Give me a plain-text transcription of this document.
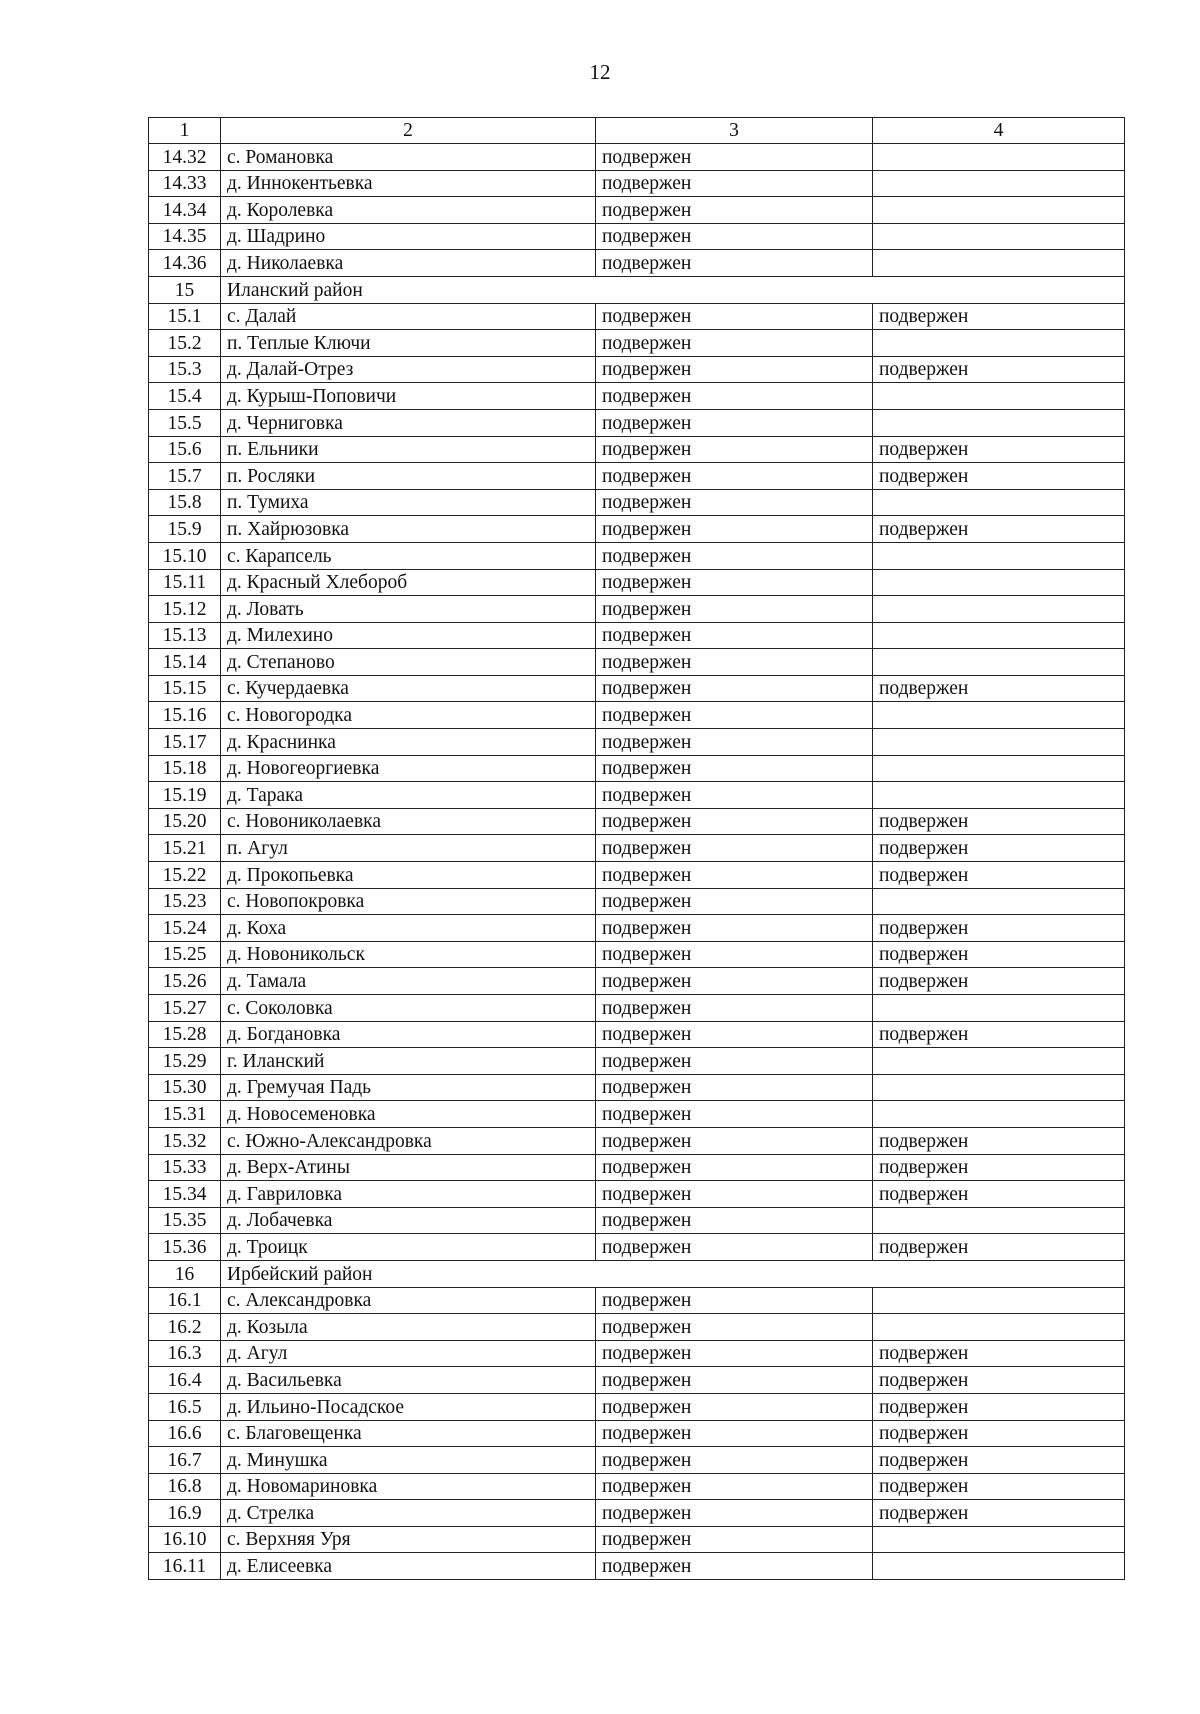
12
1	2	3	4
14.32	с. Романовка	подвержен	
14.33	д. Иннокентьевка	подвержен	
14.34	д. Королевка	подвержен	
14.35	д. Шадрино	подвержен	
14.36	д. Николаевка	подвержен	
15	Иланский район		
15.1	с. Далай	подвержен	подвержен
15.2	п. Теплые Ключи	подвержен	
15.3	д. Далай-Отрез	подвержен	подвержен
15.4	д. Курыш-Поповичи	подвержен	
15.5	д. Черниговка	подвержен	
15.6	п. Ельники	подвержен	подвержен
15.7	п. Росляки	подвержен	подвержен
15.8	п. Тумиха	подвержен	
15.9	п. Хайрюзовка	подвержен	подвержен
15.10	с. Карапсель	подвержен	
15.11	д. Красный Хлебороб	подвержен	
15.12	д. Ловать	подвержен	
15.13	д. Милехино	подвержен	
15.14	д. Степаново	подвержен	
15.15	с. Кучердаевка	подвержен	подвержен
15.16	с. Новогородка	подвержен	
15.17	д. Краснинка	подвержен	
15.18	д. Новогеоргиевка	подвержен	
15.19	д. Тарака	подвержен	
15.20	с. Новониколаевка	подвержен	подвержен
15.21	п. Агул	подвержен	подвержен
15.22	д. Прокопьевка	подвержен	подвержен
15.23	с. Новопокровка	подвержен	
15.24	д. Коха	подвержен	подвержен
15.25	д. Новоникольск	подвержен	подвержен
15.26	д. Тамала	подвержен	подвержен
15.27	с. Соколовка	подвержен	
15.28	д. Богдановка	подвержен	подвержен
15.29	г. Иланский	подвержен	
15.30	д. Гремучая Падь	подвержен	
15.31	д. Новосеменовка	подвержен	
15.32	с. Южно-Александровка	подвержен	подвержен
15.33	д. Верх-Атины	подвержен	подвержен
15.34	д. Гавриловка	подвержен	подвержен
15.35	д. Лобачевка	подвержен	
15.36	д. Троицк	подвержен	подвержен
16	Ирбейский район		
16.1	с. Александровка	подвержен	
16.2	д. Козыла	подвержен	
16.3	д. Агул	подвержен	подвержен
16.4	д. Васильевка	подвержен	подвержен
16.5	д. Ильино-Посадское	подвержен	подвержен
16.6	с. Благовещенка	подвержен	подвержен
16.7	д. Минушка	подвержен	подвержен
16.8	д. Новомариновка	подвержен	подвержен
16.9	д. Стрелка	подвержен	подвержен
16.10	с. Верхняя Уря	подвержен	
16.11	д. Елисеевка	подвержен	
